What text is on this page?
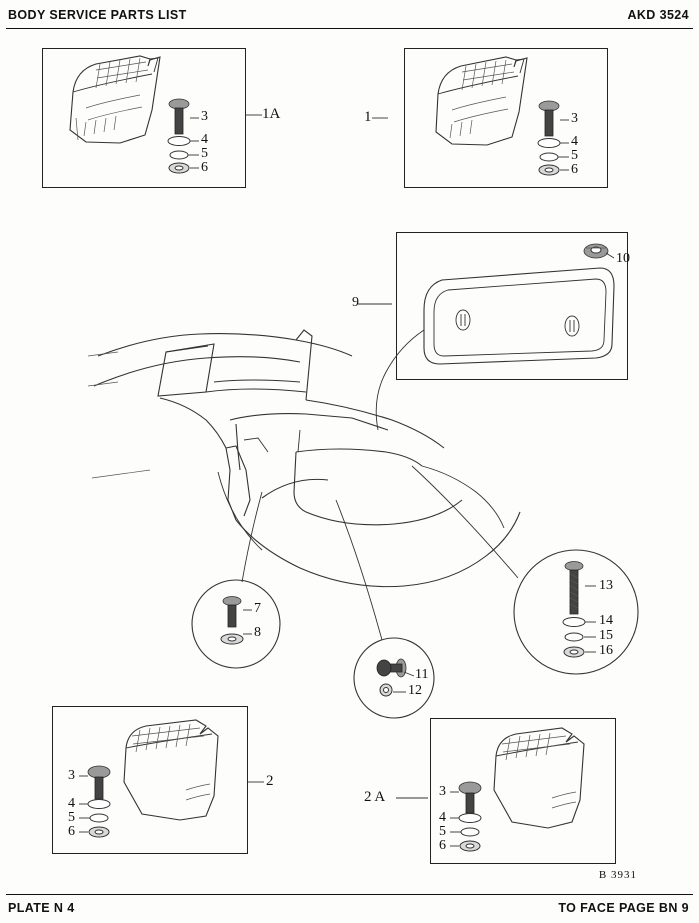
BODY SERVICE PARTS LIST	AKD 3524
PLATE N 4	TO FACE PAGE BN 9
B 3931
1A
3
4
5
6
1	3
4
5
6
9
10
7
8
11
12
13
14
15
16
2
3
4
5
6
2 A	3
4
5
6
